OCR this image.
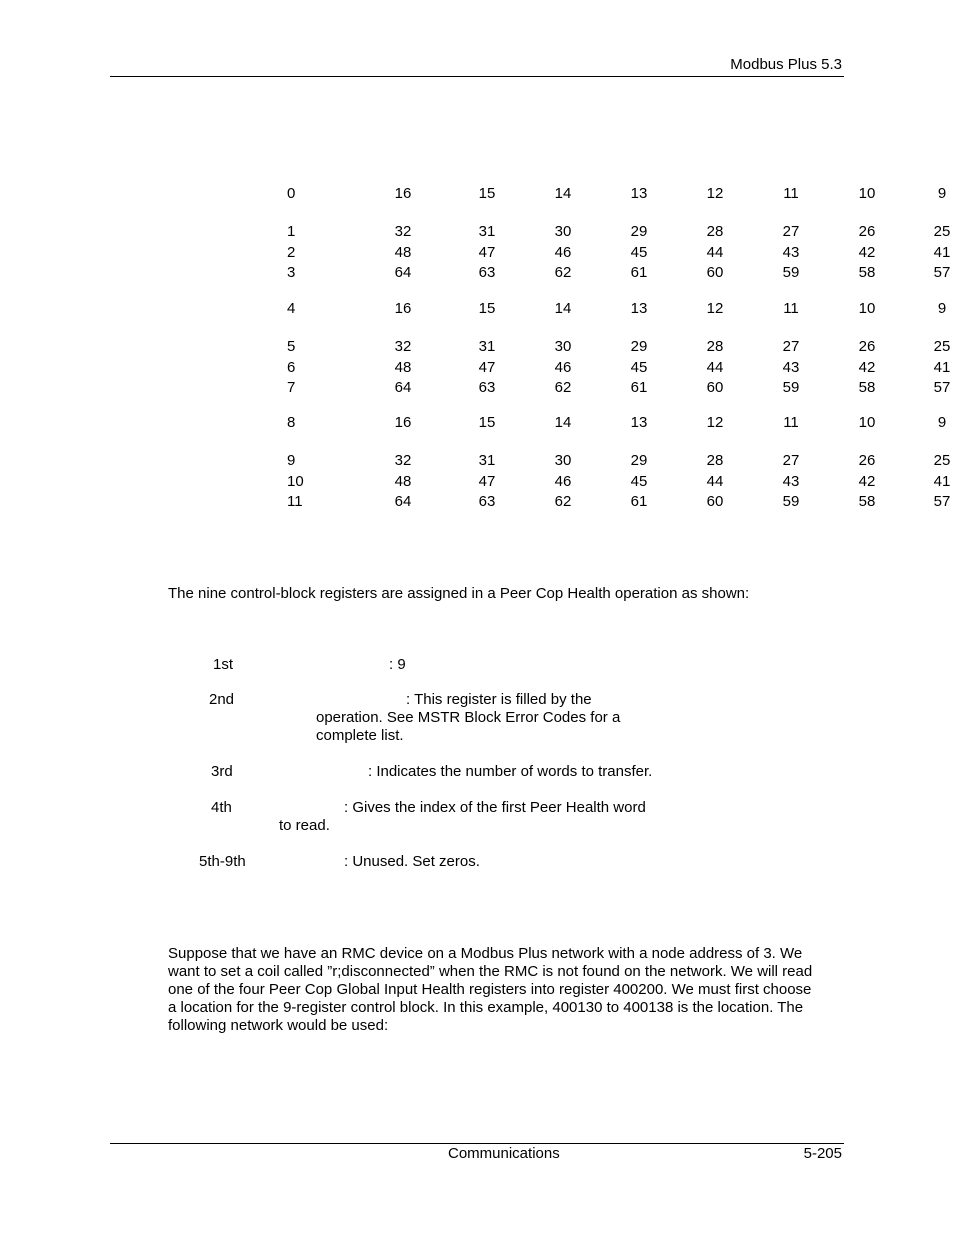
Modbus Plus 5.3
0	16	15	14	13	12	11	10	9
1	32	31	30	29	28	27	26	25
2	48	47	46	45	44	43	42	41
3	64	63	62	61	60	59	58	57
4	16	15	14	13	12	11	10	9
5	32	31	30	29	28	27	26	25
6	48	47	46	45	44	43	42	41
7	64	63	62	61	60	59	58	57
8	16	15	14	13	12	11	10	9
9	32	31	30	29	28	27	26	25
10	48	47	46	45	44	43	42	41
11	64	63	62	61	60	59	58	57
The nine control-block registers are assigned in a Peer Cop Health operation as shown:
1st	: 9
2nd	: This register is filled by the
operation. See MSTR Block Error Codes for a
complete list.
3rd	: Indicates the number of words to transfer.
4th	: Gives the index of the first Peer Health word
to read.
5th-9th	: Unused. Set zeros.
Suppose that we have an RMC device on a Modbus Plus network with a node address of 3. We
want to set a coil called ”r;disconnected” when the RMC is not found on the network. We will read
one of the four Peer Cop Global Input Health registers into register 400200. We must first choose
a location for the 9-register control block. In this example, 400130 to 400138 is the location. The
following network would be used:
Communications	5-205
